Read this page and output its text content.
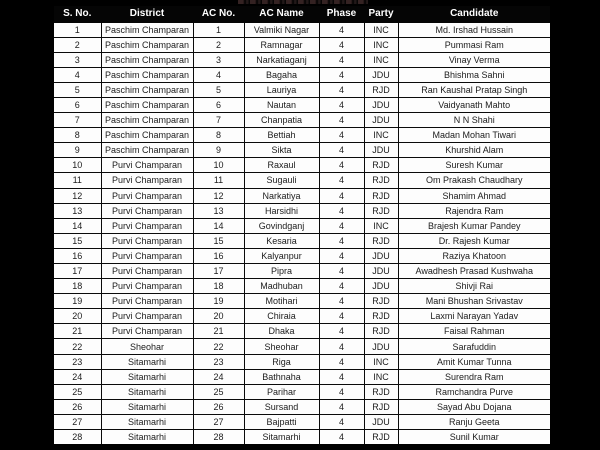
S. No.	District	AC No.	AC Name	Phase	Party	Candidate
1	Paschim Champaran	1	Valmiki Nagar	4	INC	Md. Irshad Hussain
2	Paschim Champaran	2	Ramnagar	4	INC	Pummasi Ram
3	Paschim Champaran	3	Narkatiaganj	4	INC	Vinay Verma
4	Paschim Champaran	4	Bagaha	4	JDU	Bhishma Sahni
5	Paschim Champaran	5	Lauriya	4	RJD	Ran Kaushal Pratap Singh
6	Paschim Champaran	6	Nautan	4	JDU	Vaidyanath Mahto
7	Paschim Champaran	7	Chanpatia	4	JDU	N N Shahi
8	Paschim Champaran	8	Bettiah	4	INC	Madan Mohan Tiwari
9	Paschim Champaran	9	Sikta	4	JDU	Khurshid Alam
10	Purvi Champaran	10	Raxaul	4	RJD	Suresh Kumar
11	Purvi Champaran	11	Sugauli	4	RJD	Om Prakash Chaudhary
12	Purvi Champaran	12	Narkatiya	4	RJD	Shamim Ahmad
13	Purvi Champaran	13	Harsidhi	4	RJD	Rajendra Ram
14	Purvi Champaran	14	Govindganj	4	INC	Brajesh Kumar Pandey
15	Purvi Champaran	15	Kesaria	4	RJD	Dr. Rajesh Kumar
16	Purvi Champaran	16	Kalyanpur	4	JDU	Raziya Khatoon
17	Purvi Champaran	17	Pipra	4	JDU	Awadhesh Prasad Kushwaha
18	Purvi Champaran	18	Madhuban	4	JDU	Shivji Rai
19	Purvi Champaran	19	Motihari	4	RJD	Mani Bhushan Srivastav
20	Purvi Champaran	20	Chiraia	4	RJD	Laxmi Narayan Yadav
21	Purvi Champaran	21	Dhaka	4	RJD	Faisal Rahman
22	Sheohar	22	Sheohar	4	JDU	Sarafuddin
23	Sitamarhi	23	Riga	4	INC	Amit Kumar Tunna
24	Sitamarhi	24	Bathnaha	4	INC	Surendra Ram
25	Sitamarhi	25	Parihar	4	RJD	Ramchandra Purve
26	Sitamarhi	26	Sursand	4	RJD	Sayad Abu Dojana
27	Sitamarhi	27	Bajpatti	4	JDU	Ranju Geeta
28	Sitamarhi	28	Sitamarhi	4	RJD	Sunil Kumar
